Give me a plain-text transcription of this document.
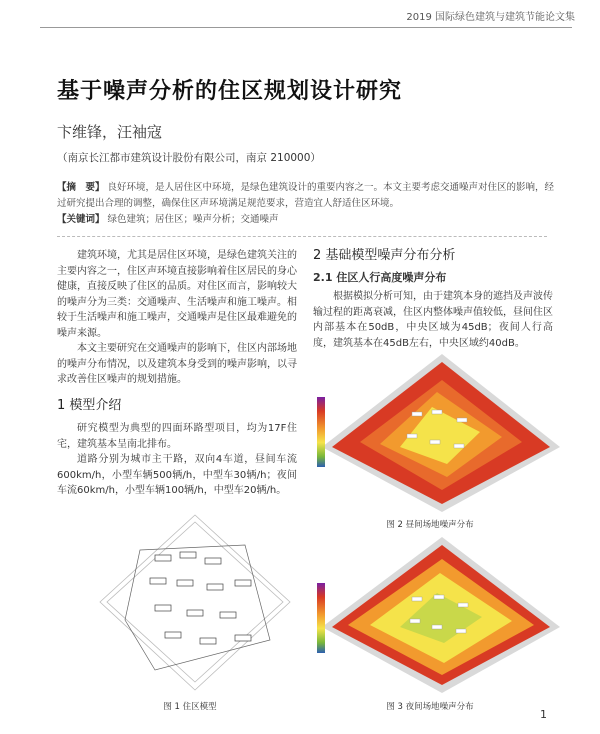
2019 国际绿色建筑与建筑节能论文集
基于噪声分析的住区规划设计研究
卞维锋，汪袖寇
（南京长江都市建筑设计股份有限公司，南京 210000）
【摘　要】 良好环境，是人居住区中环境，是绿色建筑设计的重要内容之一。本文主要考虑交通噪声对住区的影响，经过研究提出合理的调整，确保住区声环境满足规范要求，营造宜人舒适住区环境。
【关键词】 绿色建筑；居住区；噪声分析；交通噪声

建筑环境，尤其是居住区环境，是绿色建筑关注的主要内容之一，住区声环境直接影响着住区居民的身心健康，直接反映了住区的品质。对住区而言，影响较大的噪声分为三类：交通噪声、生活噪声和施工噪声。相较于生活噪声和施工噪声，交通噪声是住区最难避免的噪声来源。

本文主要研究在交通噪声的影响下，住区内部场地的噪声分布情况，以及建筑本身受到的噪声影响，以寻求改善住区噪声的规划措施。

1 模型介绍

研究模型为典型的四面环路型项目，均为17F住宅，建筑基本呈南北排布。

道路分别为城市主干路，双向4车道，昼间车流600km/h，小型车辆500辆/h，中型车30辆/h；夜间车流60km/h，小型车辆100辆/h，中型车20辆/h。

图 1 住区模型
2 基础模型噪声分布分析
2.1 住区人行高度噪声分布

根据模拟分析可知，由于建筑本身的遮挡及声波传输过程的距离衰减，住区内整体噪声值较低，昼间住区内部基本在50dB，中央区域为45dB；夜间人行高度，建筑基本在45dB左右，中央区域约40dB。

图 2 昼间场地噪声分布
图 3 夜间场地噪声分布
1
